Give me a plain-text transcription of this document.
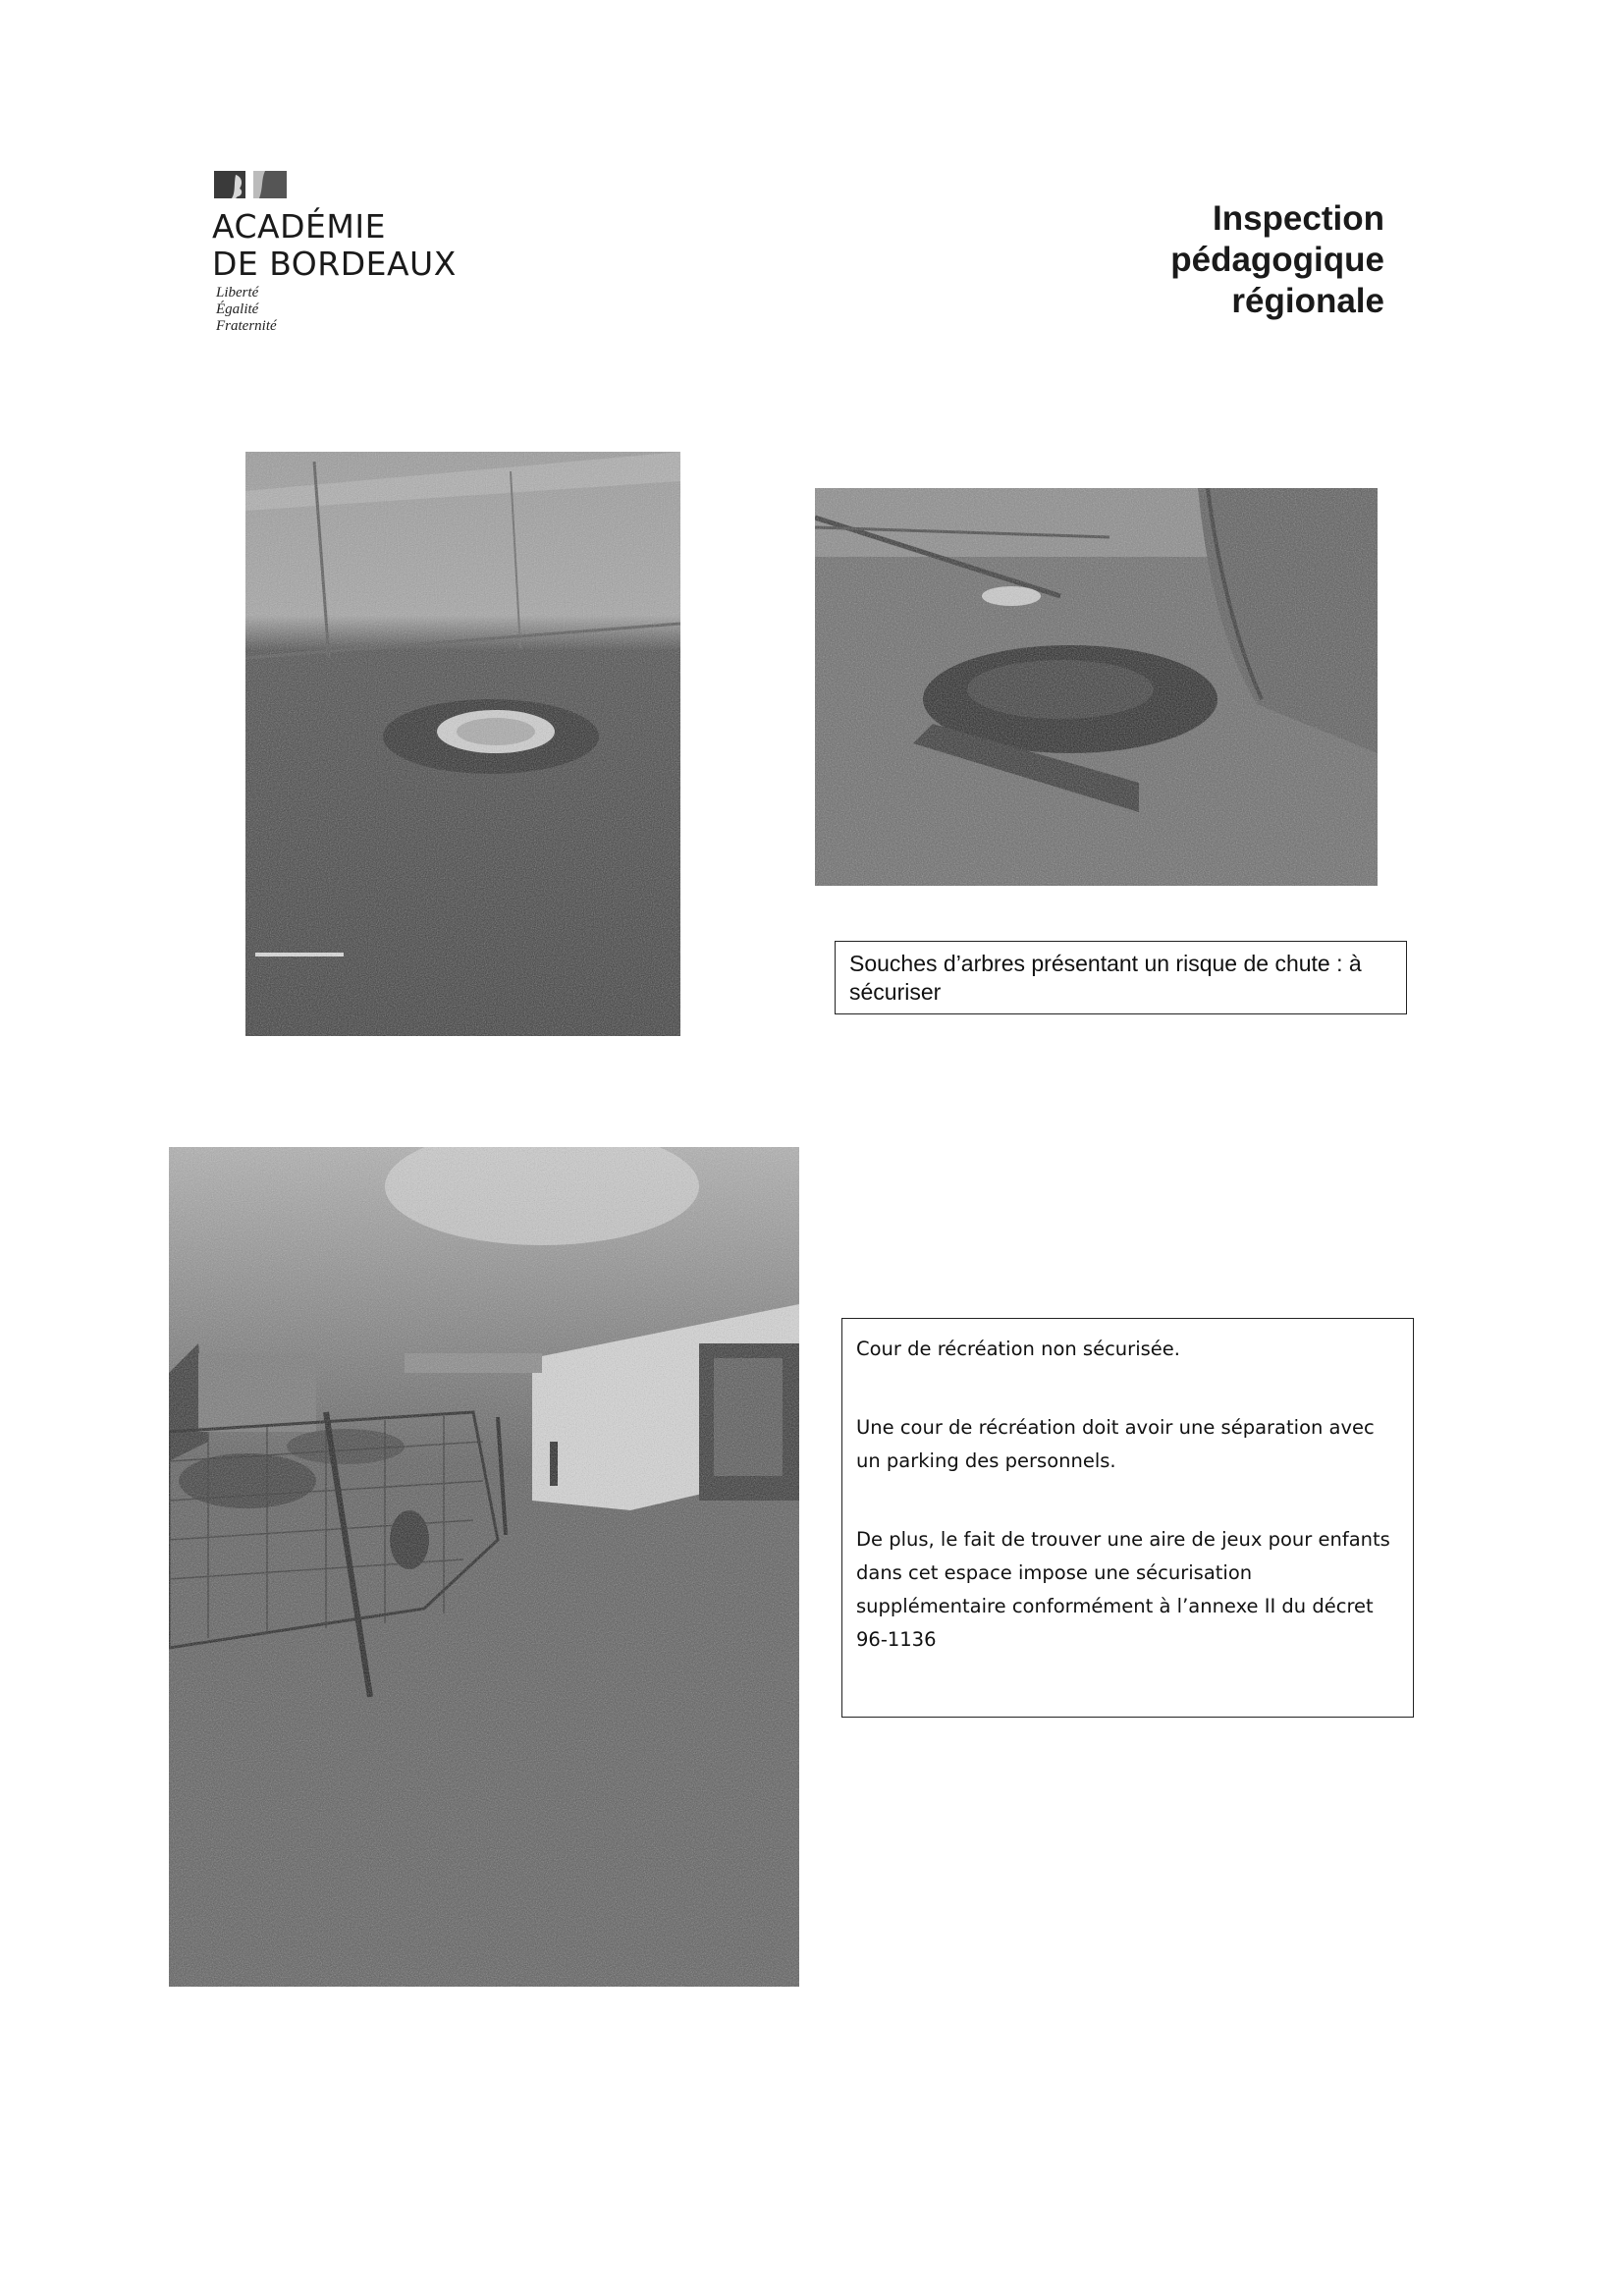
ACADÉMIE
DE BORDEAUX
Liberté
Égalité
Fraternité
Inspection
pédagogique
régionale
Souches d’arbres présentant un risque de chute : à sécuriser

Cour de récréation non sécurisée.

Une cour de récréation doit avoir une séparation avec un parking des personnels.

De plus, le fait de trouver une aire de jeux pour enfants dans cet espace impose une sécurisation supplémentaire conformément à l’annexe II du décret 96-1136
